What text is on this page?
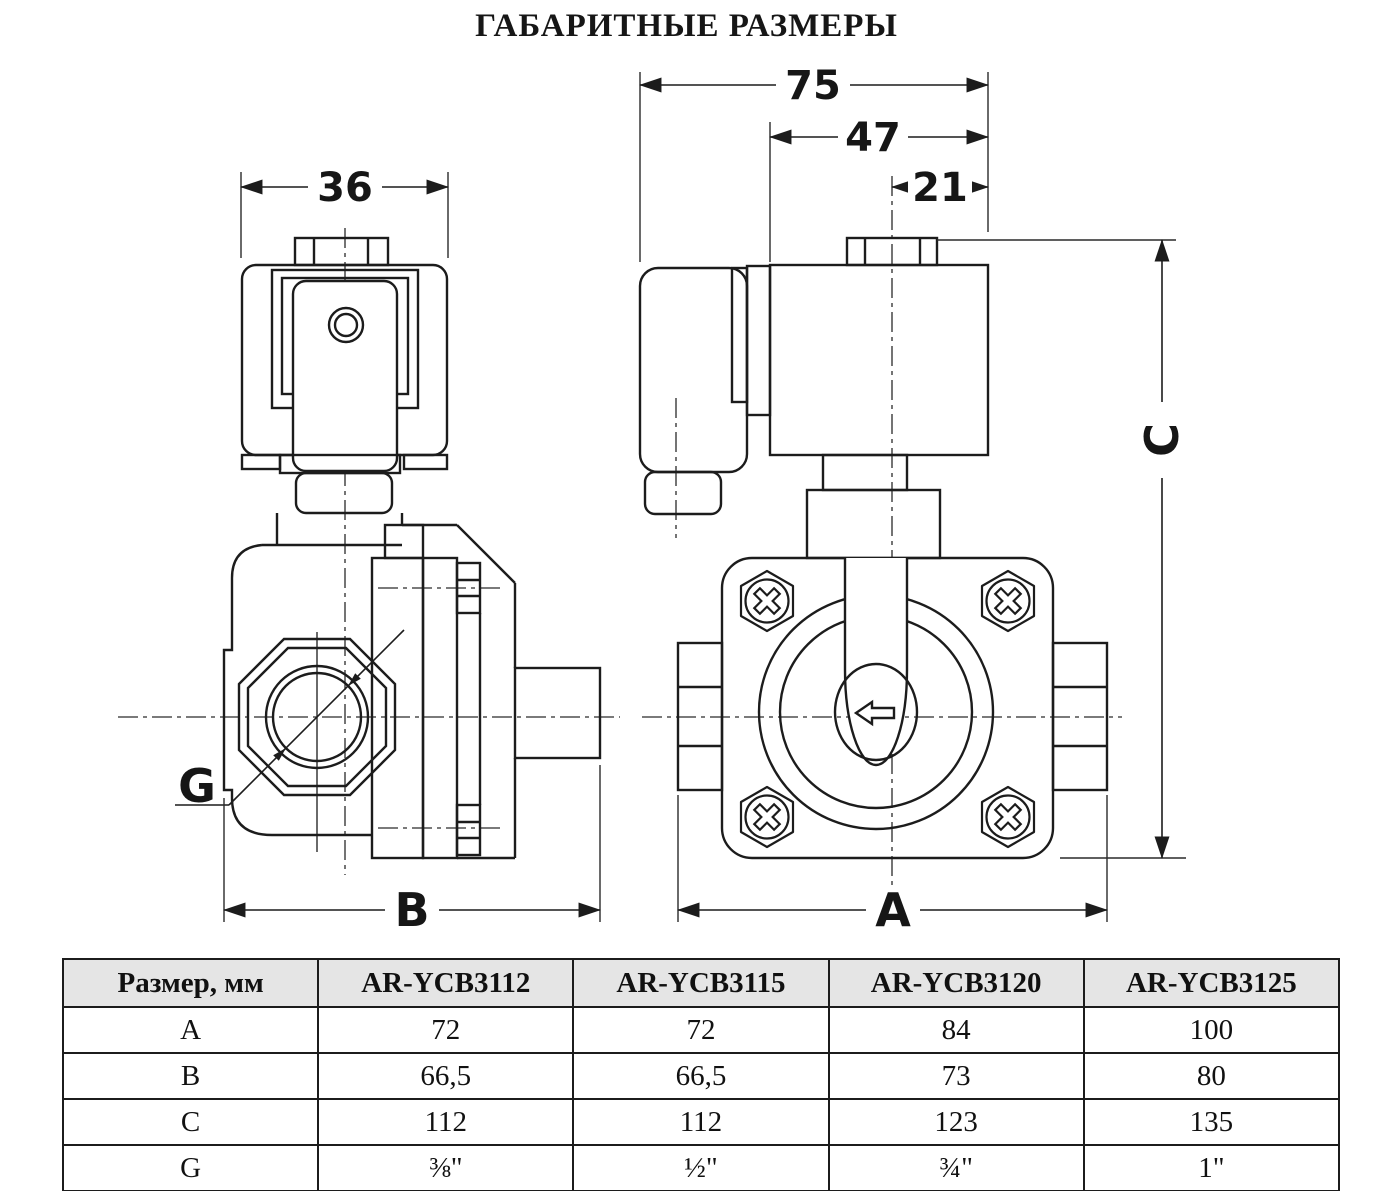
ГАБАРИТНЫЕ РАЗМЕРЫ
G
36
B
75
47
21
C
A
Размер, мм	AR-YCB3112	AR-YCB3115	AR-YCB3120	AR-YCB3125
A	72	72	84	100
B	66,5	66,5	73	80
C	112	112	123	135
G	⅜"	½"	¾"	1"
